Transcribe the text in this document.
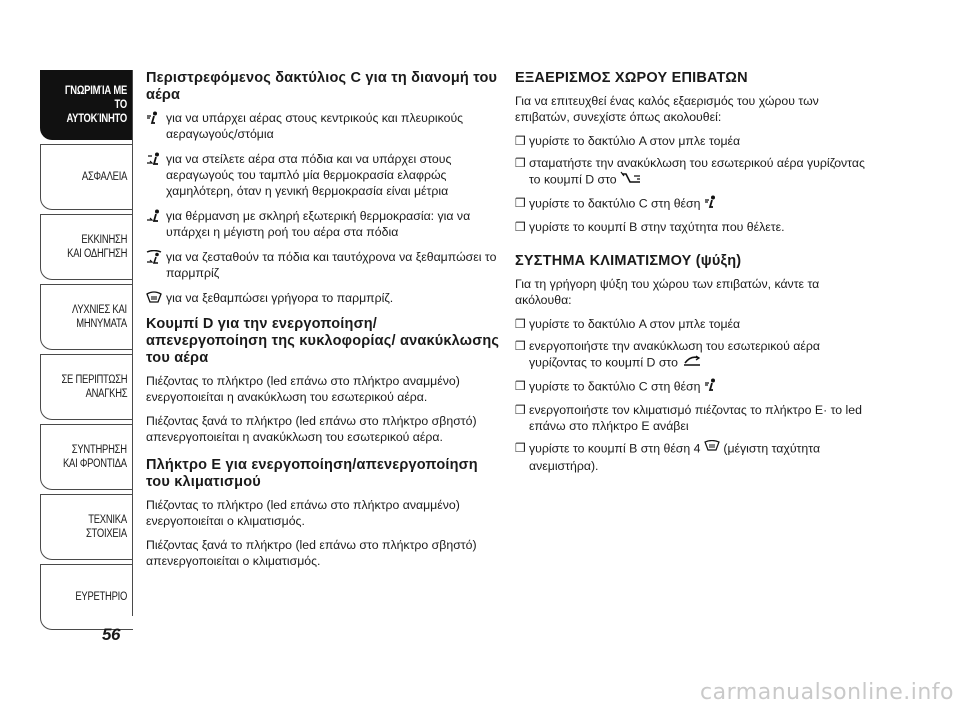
ΓΝΩΡΙΜΊΑ ΜΕ
ΤΟ ΑΥΤΟΚΊΝΗΤΟ
ΑΣΦΑΛΕΙΑ
ΕΚΚΙΝΗΣΗ
ΚΑΙ ΟΔΗΓΗΣΗ
ΛΥΧΝΙΕΣ ΚΑΙ
ΜΗΝΥΜΑΤΑ
ΣΕ ΠΕΡΙΠΤΩΣΗ
ΑΝΑΓΚΗΣ
ΣΥΝΤΗΡΗΣΗ
ΚΑΙ ΦΡΟΝΤΙΔΑ
ΤΕΧΝΙΚΑ
ΣΤΟΙΧΕΙΑ
ΕΥΡΕΤΗΡΙΟ
56
Περιστρεφόμενος δακτύλιος C για τη διανομή του αέρα
για να υπάρχει αέρας στους κεντρικούς και πλευρικούς αεραγωγούς/στόμια
για να στείλετε αέρα στα πόδια και να υπάρχει στους αεραγωγούς του ταμπλό μία θερμοκρασία ελαφρώς χαμηλότερη, όταν η γενική θερμοκρασία είναι μέτρια
για θέρμανση με σκληρή εξωτερική θερμοκρασία: για να υπάρχει η μέγιστη ροή του αέρα στα πόδια
για να ζεσταθούν τα πόδια και ταυτόχρονα να ξεθαμπώσει το παρμπρίζ
για να ξεθαμπώσει γρήγορα το παρμπρίζ.
Κουμπί D για την ενεργοποίηση/ απενεργοποίηση της κυκλοφορίας/ ανακύκλωσης του αέρα

Πιέζοντας το πλήκτρο (led επάνω στο πλήκτρο αναμμένο) ενεργοποιείται η ανακύκλωση του εσωτερικού αέρα.

Πιέζοντας ξανά το πλήκτρο (led επάνω στο πλήκτρο σβηστό) απενεργοποιείται η ανακύκλωση του εσωτερικού αέρα.

Πλήκτρο E για ενεργοποίηση/απενεργοποίηση του κλιματισμού

Πιέζοντας το πλήκτρο (led επάνω στο πλήκτρο αναμμένο) ενεργοποιείται ο κλιματισμός.

Πιέζοντας ξανά το πλήκτρο (led επάνω στο πλήκτρο σβηστό) απενεργοποιείται ο κλιματισμός.

ΕΞΑΕΡΙΣΜΟΣ ΧΩΡΟΥ ΕΠΙΒΑΤΩΝ

Για να επιτευχθεί ένας καλός εξαερισμός του χώρου των επιβατών, συνεχίστε όπως ακολουθεί:

❒ γυρίστε το δακτύλιο A στον μπλε τομέα
❒ σταματήστε την ανακύκλωση του εσωτερικού αέρα γυρίζοντας το κουμπί D στο
❒ γυρίστε το δακτύλιο C στη θέση
❒ γυρίστε το κουμπί B στην ταχύτητα που θέλετε.
ΣΥΣΤΗΜΑ ΚΛΙΜΑΤΙΣΜΟΥ (ψύξη)

Για τη γρήγορη ψύξη του χώρου των επιβατών, κάντε τα ακόλουθα:

❒ γυρίστε το δακτύλιο A στον μπλε τομέα
❒ ενεργοποιήστε την ανακύκλωση του εσωτερικού αέρα γυρίζοντας το κουμπί D στο
❒ γυρίστε το δακτύλιο C στη θέση
❒ ενεργοποιήστε τον κλιματισμό πιέζοντας το πλήκτρο E· το led επάνω στο πλήκτρο E ανάβει
❒ γυρίστε το κουμπί B στη θέση 4 (μέγιστη ταχύτητα ανεμιστήρα).
carmanualsonline.info
